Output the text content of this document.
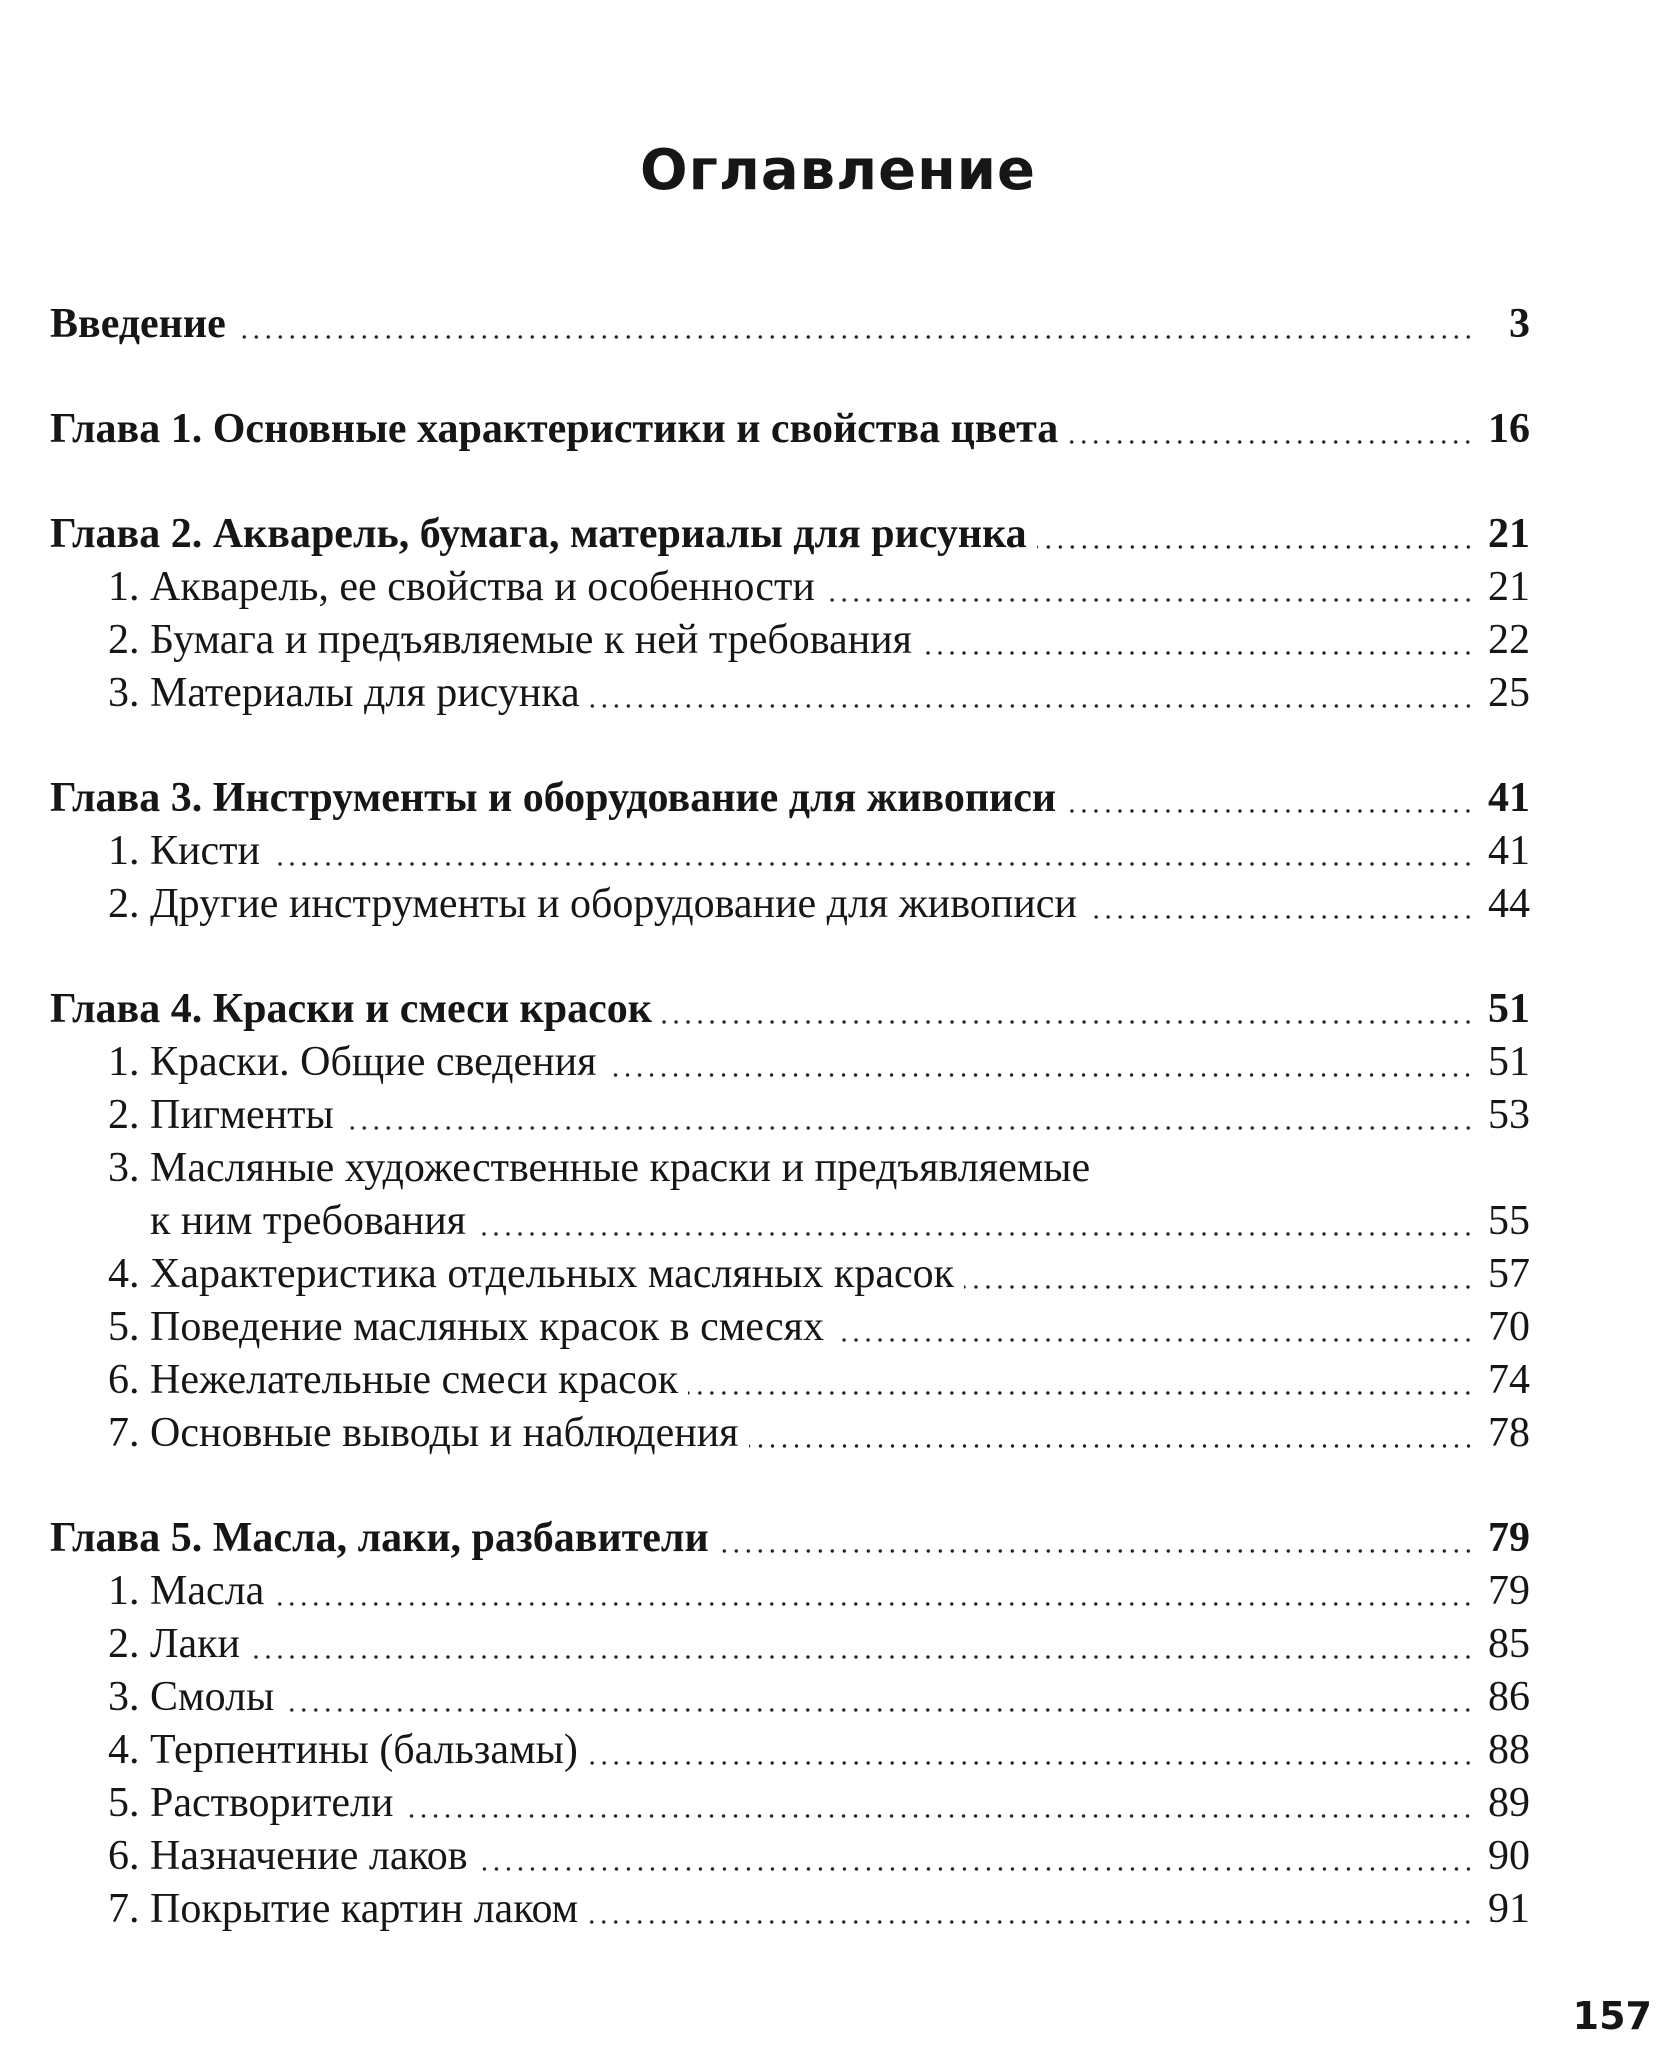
Оглавление
Введение	3
Глава 1. Основные характеристики и свойства цвета	16
Глава 2. Акварель, бумага, материалы для рисунка	21
1. Акварель, ее свойства и особенности	21
2. Бумага и предъявляемые к ней требования	22
3. Материалы для рисунка	25
Глава 3. Инструменты и оборудование для живописи	41
1. Кисти	41
2. Другие инструменты и оборудование для живописи	44
Глава 4. Краски и смеси красок	51
1. Краски. Общие сведения	51
2. Пигменты	53
3. Масляные художественные краски и предъявляемые
к ним требования	55
4. Характеристика отдельных масляных красок	57
5. Поведение масляных красок в смесях	70
6. Нежелательные смеси красок	74
7. Основные выводы и наблюдения	78
Глава 5. Масла, лаки, разбавители	79
1. Масла	79
2. Лаки	85
3. Смолы	86
4. Терпентины (бальзамы)	88
5. Растворители	89
6. Назначение лаков	90
7. Покрытие картин лаком	91
157
